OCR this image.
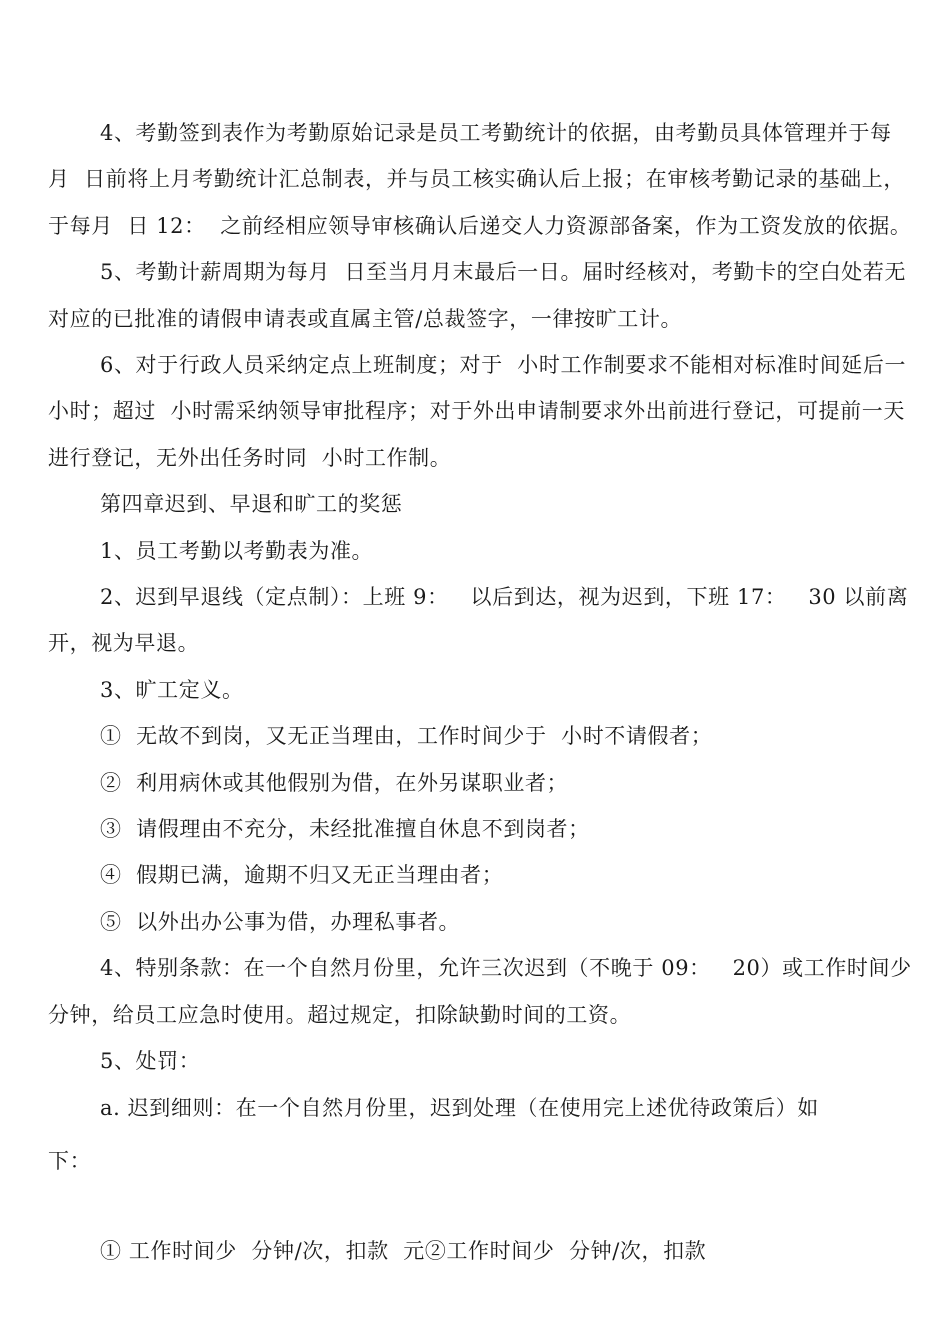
4、考勤签到表作为考勤原始记录是员工考勤统计的依据，由考勤员具体管理并于每
月  日前将上月考勤统计汇总制表，并与员工核实确认后上报；在审核考勤记录的基础上，
于每月  日 12：  之前经相应领导审核确认后递交人力资源部备案，作为工资发放的依据。
5、考勤计薪周期为每月  日至当月月末最后一日。届时经核对，考勤卡的空白处若无
对应的已批准的请假申请表或直属主管/总裁签字，一律按旷工计。
6、对于行政人员采纳定点上班制度；对于  小时工作制要求不能相对标准时间延后一
小时；超过  小时需采纳领导审批程序；对于外出申请制要求外出前进行登记，可提前一天
进行登记，无外出任务时同  小时工作制。
第四章迟到、早退和旷工的奖惩
1、员工考勤以考勤表为准。
2、迟到早退线（定点制）：上班 9：   以后到达，视为迟到，下班 17：   30 以前离
开，视为早退。
3、旷工定义。
①  无故不到岗，又无正当理由，工作时间少于  小时不请假者；
②  利用病休或其他假别为借，在外另谋职业者；
③  请假理由不充分，未经批准擅自休息不到岗者；
④  假期已满，逾期不归又无正当理由者；
⑤  以外出办公事为借，办理私事者。
4、特别条款：在一个自然月份里，允许三次迟到（不晚于 09：   20）或工作时间少
分钟，给员工应急时使用。超过规定，扣除缺勤时间的工资。
5、处罚：
a. 迟到细则：在一个自然月份里，迟到处理（在使用完上述优待政策后）如
下：
① 工作时间少  分钟/次，扣款  元②工作时间少  分钟/次，扣款
